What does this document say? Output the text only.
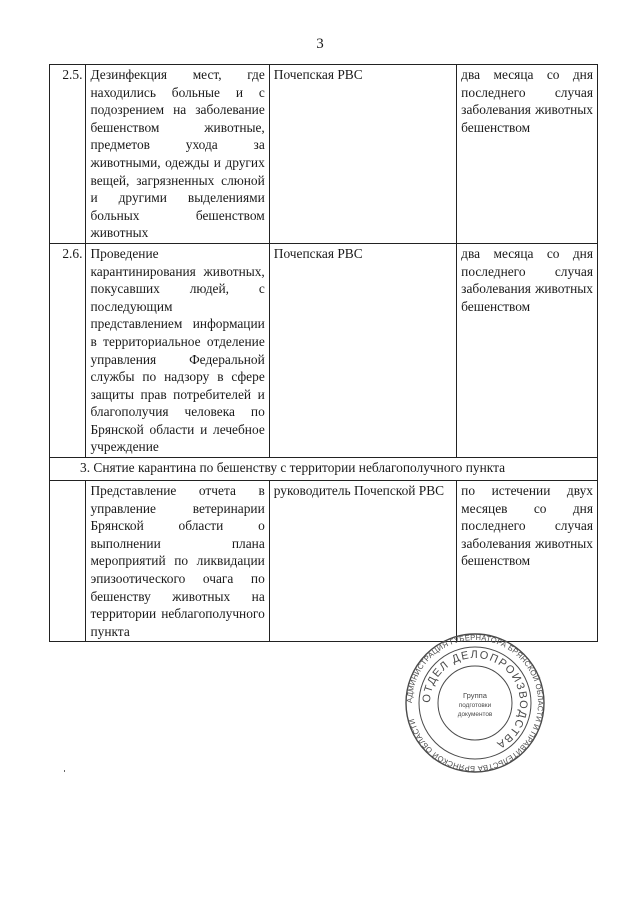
3
2.5.	Дезинфекция мест, где находились больные и с подозрением на заболевание бешенством животные, предметов ухода за животными, одежды и других вещей, загрязненных слюной и другими выделениями больных бешенством животных	Почепская РВС	два месяца со дня последнего случая заболевания животных бешенством
2.6.	Проведение карантинирования животных, покусавших людей, с последующим представлением информации в территориальное отделение управления Федеральной службы по надзору в сфере защиты прав потребителей и благополучия человека по Брянской области и лечебное учреждение	Почепская РВС	два месяца со дня последнего случая заболевания животных бешенством
3. Снятие карантина по бешенству с территории неблагополучного пункта			
	Представление отчета в управление ветеринарии Брянской области о выполнении плана мероприятий по ликвидации эпизоотического очага по бешенству животных на территории неблагополучного пункта	руководитель Почепской РВС	по истечении двух месяцев со дня последнего случая заболевания животных бешенством
АДМИНИСТРАЦИЯ ГУБЕРНАТОРА БРЯНСКОЙ ОБЛАСТИ И ПРАВИТЕЛЬСТВА БРЯНСКОЙ ОБЛАСТИ
ОТДЕЛ ДЕЛОПРОИЗВОДСТВА
Группа
подготовки
документов
